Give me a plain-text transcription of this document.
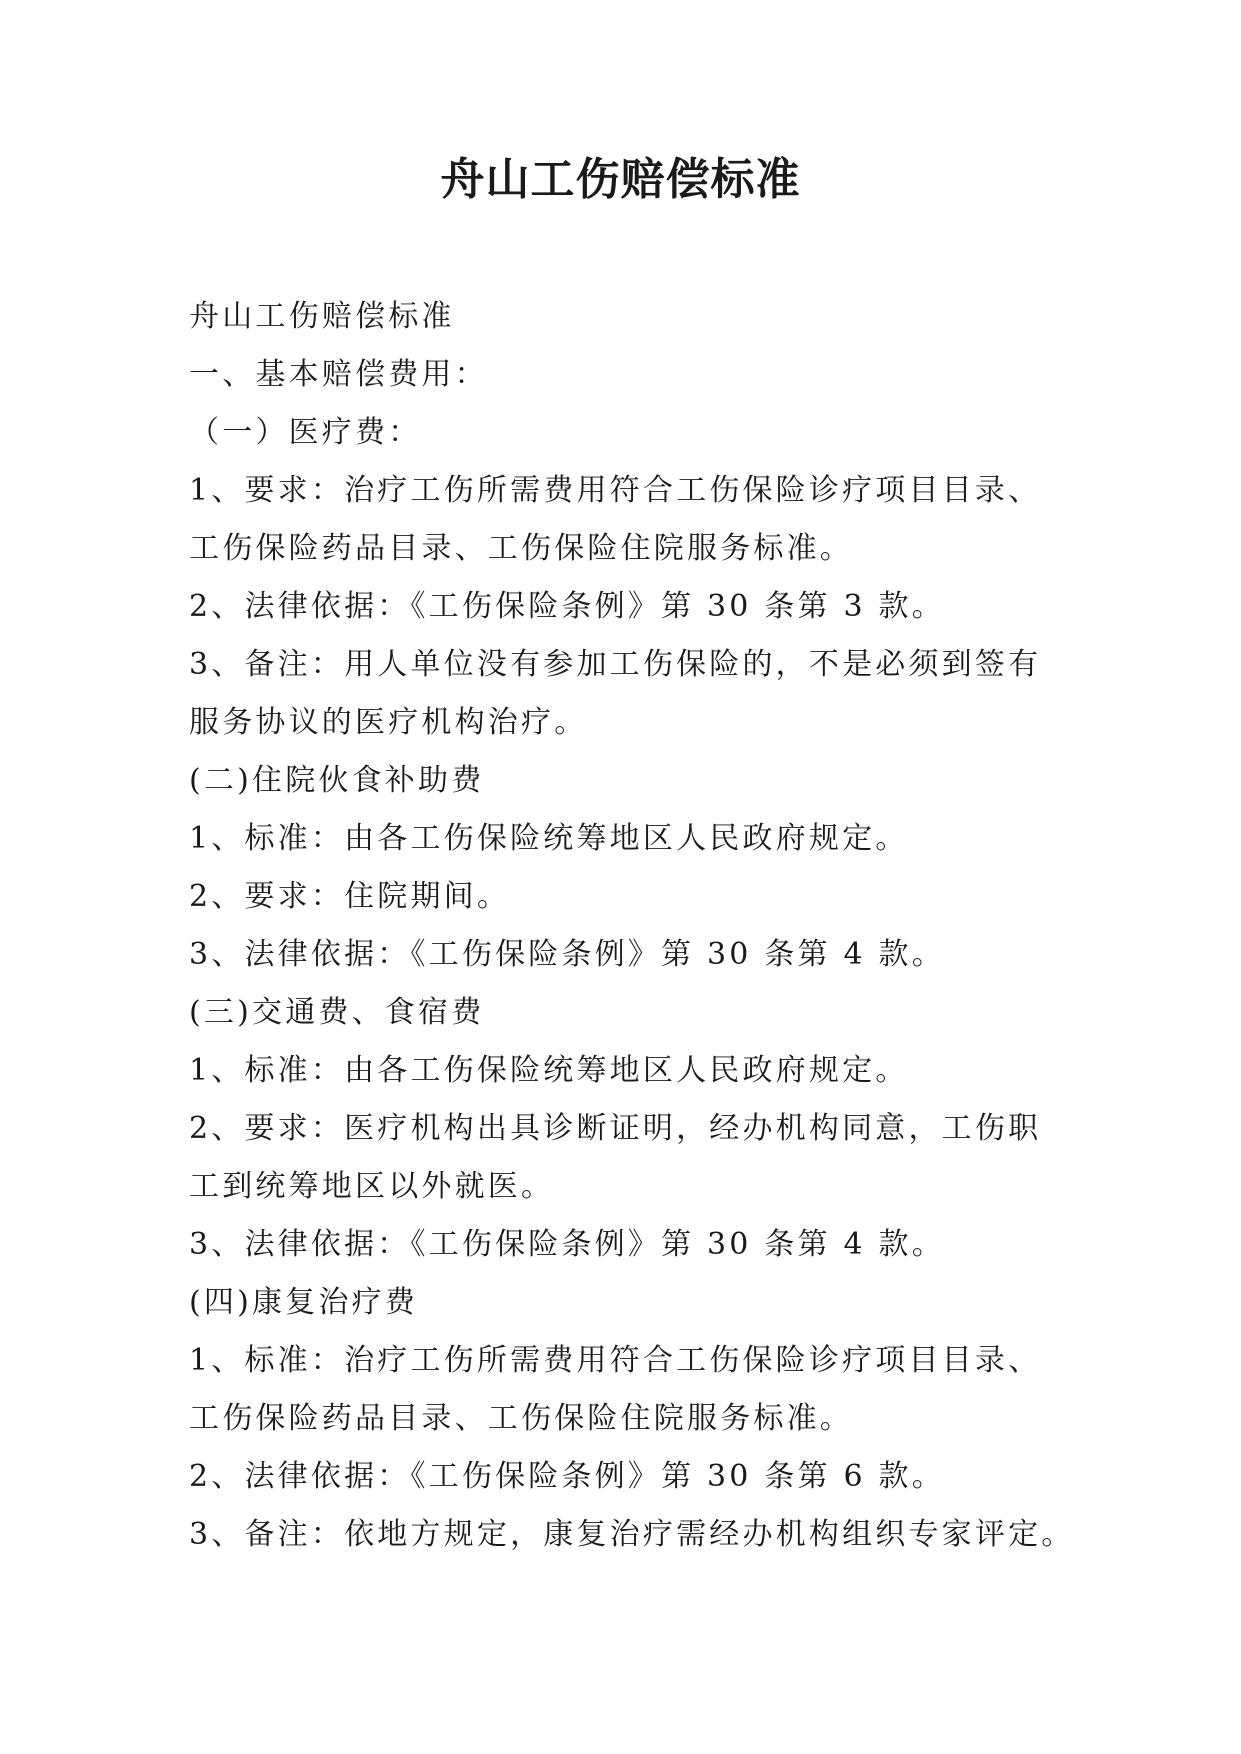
舟山工伤赔偿标准
舟山工伤赔偿标准
一、基本赔偿费用：
（一）医疗费：
1、要求：治疗工伤所需费用符合工伤保险诊疗项目目录、
工伤保险药品目录、工伤保险住院服务标准。
2、法律依据：《工伤保险条例》第 30 条第 3 款。
3、备注：用人单位没有参加工伤保险的，不是必须到签有
服务协议的医疗机构治疗。
(二)住院伙食补助费
1、标准：由各工伤保险统筹地区人民政府规定。
2、要求：住院期间。
3、法律依据：《工伤保险条例》第 30 条第 4 款。
(三)交通费、食宿费
1、标准：由各工伤保险统筹地区人民政府规定。
2、要求：医疗机构出具诊断证明，经办机构同意，工伤职
工到统筹地区以外就医。
3、法律依据：《工伤保险条例》第 30 条第 4 款。
(四)康复治疗费
1、标准：治疗工伤所需费用符合工伤保险诊疗项目目录、
工伤保险药品目录、工伤保险住院服务标准。
2、法律依据：《工伤保险条例》第 30 条第 6 款。
3、备注：依地方规定，康复治疗需经办机构组织专家评定。
